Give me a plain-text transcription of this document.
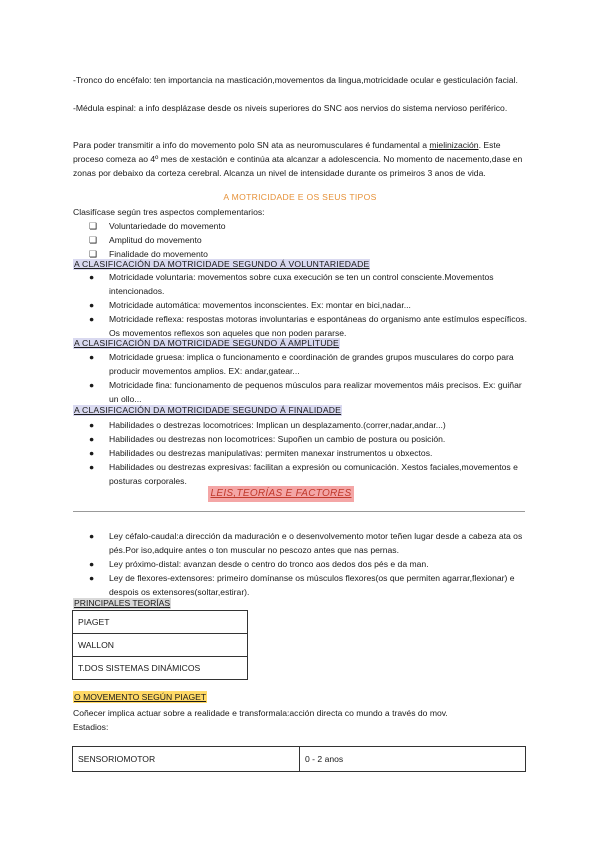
-Tronco do encéfalo: ten importancia na masticación,movementos da lingua,motricidade ocular e gesticulación facial.

-Médula espinal: a info desplázase desde os niveis superiores do SNC aos nervios do sistema nervioso periférico.

Para poder transmitir a info do movemento polo SN ata as neuromusculares é fundamental a mielinización. Este proceso comeza ao 4º mes de xestación e continúa ata alcanzar a adolescencia. No momento de nacemento,dase en zonas por debaixo da corteza cerebral. Alcanza un nivel de intensidade durante os primeiros 3 anos de vida.

A MOTRICIDADE E OS SEUS TIPOS

Clasifícase según tres aspectos complementarios:

❏ Voluntariedade do movemento
❏ Amplitud do movemento
❏ Finalidade do movemento
A CLASIFICACIÓN DA MOTRICIDADE SEGUNDO Á VOLUNTARIEDADE
● Motricidade voluntaria: movementos sobre cuxa execución se ten un control consciente.Movementos intencionados.
● Motricidade automática: movementos inconscientes. Ex: montar en bici,nadar...
● Motricidade reflexa: respostas motoras involuntarias e espontáneas do organismo ante estímulos específicos. Os movementos reflexos son aqueles que non poden pararse.
A CLASIFICACIÓN DA MOTRICIDADE SEGUNDO Á AMPLITUDE
● Motricidade gruesa: implica o funcionamento e coordinación de grandes grupos musculares do corpo para producir movementos amplios. EX: andar,gatear...
● Motricidade fina: funcionamento de pequenos músculos para realizar movementos máis precisos. Ex: guiñar un ollo...
A CLASIFICACIÓN DA MOTRICIDADE SEGUNDO Á FINALIDADE
● Habilidades o destrezas locomotrices: Implican un desplazamento.(correr,nadar,andar...)
● Habilidades ou destrezas non locomotrices: Supoñen un cambio de postura ou posición.
● Habilidades ou destrezas manipulativas: permiten manexar instrumentos u obxectos.
● Habilidades ou destrezas expresivas: facilitan a expresión ou comunicación. Xestos faciales,movementos e posturas corporales.
LEIS,TEORÍAS E FACTORES
● Ley céfalo-caudal:a dirección da maduración e o desenvolvemento motor teñen lugar desde a cabeza ata os pés.Por iso,adquire antes o ton muscular no pescozo antes que nas pernas.
● Ley próximo-distal: avanzan desde o centro do tronco aos dedos dos pés e da man.
● Ley de flexores-extensores: primeiro domínanse os músculos flexores(os que permiten agarrar,flexionar) e despois os extensores(soltar,estirar).
PRINCIPALES TEORÍAS
PIAGET
WALLON
T.DOS SISTEMAS DINÁMICOS
O MOVEMENTO SEGÚN PIAGET

Coñecer implica actuar sobre a realidade e transformala:acción directa co mundo a través do mov.

Estadios:

SENSORIOMOTOR	0 - 2 anos
